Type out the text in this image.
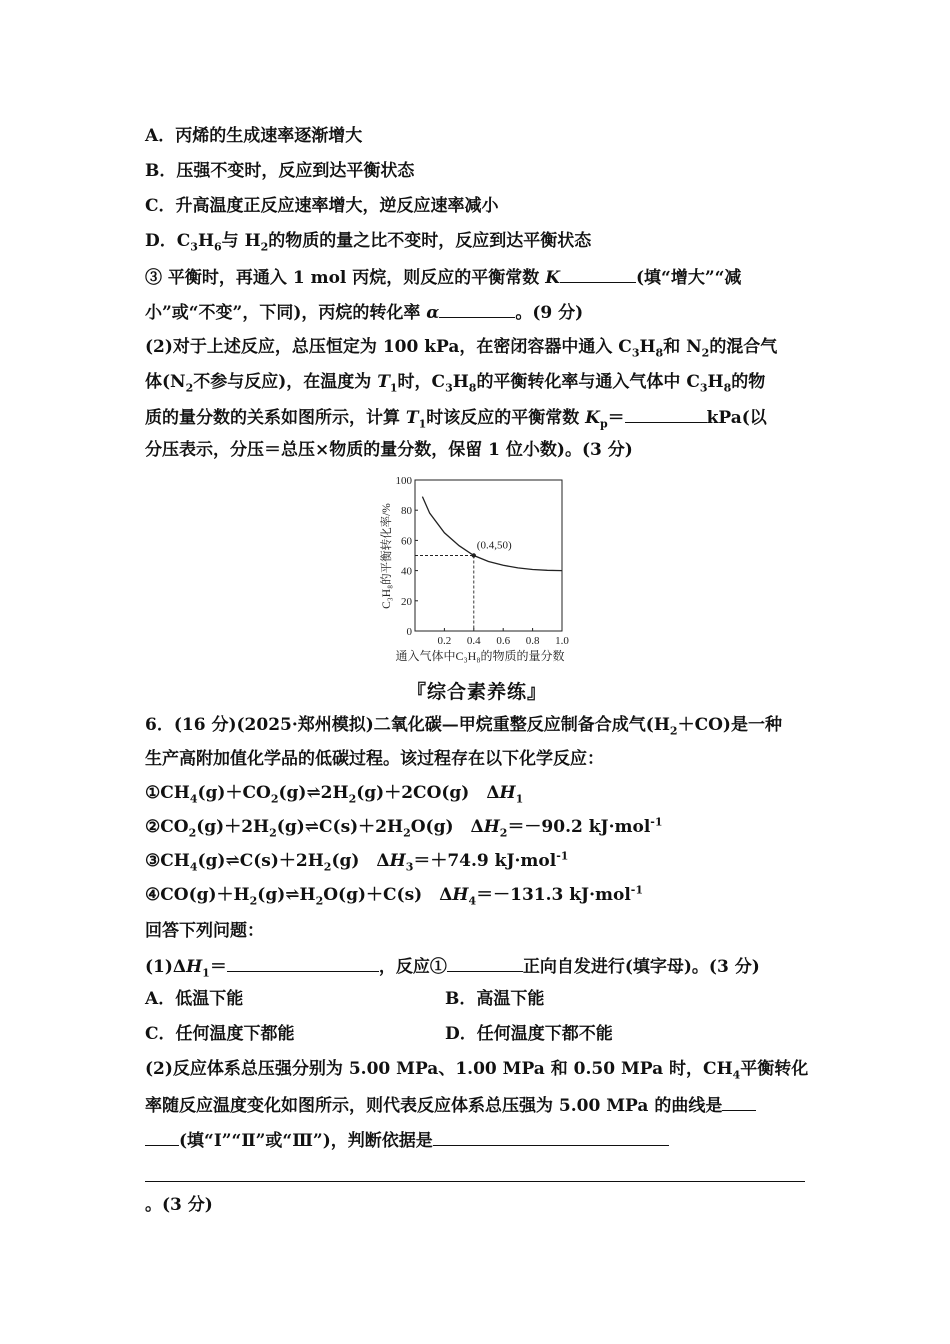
A．丙烯的生成速率逐渐增大
B．压强不变时，反应到达平衡状态
C．升高温度正反应速率增大，逆反应速率减小
D．$C_3H_6$与 $H_2$的物质的量之比不变时，反应到达平衡状态
③ 平衡时，再通入 1 mol 丙烷，则反应的平衡常数 K	(填“增大”“减
小”或“不变”，下同)，丙烷的转化率 α	。(9 分)
(2)对于上述反应，总压恒定为 100 kPa，在密闭容器中通入 $C_3H_8$和 $N_2$的混合气
体($N_2$不参与反应)，在温度为 $T_1$时，$C_3H_8$的平衡转化率与通入气体中 $C_3H_8$的物
质的量分数的关系如图所示，计算 $T_1$时该反应的平衡常数 $K_p=$	kPa(以
分压表示，分压＝总压×物质的量分数，保留 1 位小数)。(3 分)
0
20
40
60
80
100
0.2 0.4 0.6 0.8 1.0
(0.4,50)
C₃H₈的平衡转化率/%
通入气体中C₃H₈的物质的量分数
『综合素养练』
6．(16 分)(2025·郑州模拟)二氧化碳—甲烷重整反应制备合成气$(H_2+CO)$是一种
生产高附加值化学品的低碳过程。该过程存在以下化学反应：
$①CH_4(g)+CO_2(g)\rightleftharpoons 2H_2(g)+2CO(g)$　$\Delta H_1$
$②CO_2(g)+2H_2(g)\rightleftharpoons C(s)+2H_2O(g)$　$\Delta H_2=-90.2$ kJ·mol$^{-1}$
$③CH_4(g)\rightleftharpoons C(s)+2H_2(g)$　$\Delta H_3=+74.9$ kJ·mol$^{-1}$
$④CO(g)+H_2(g)\rightleftharpoons H_2O(g)+C(s)$　$\Delta H_4=-131.3$ kJ·mol$^{-1}$
回答下列问题：
$(1)\Delta H_1=$	，反应①	正向自发进行(填字母)。(3 分)
A．低温下能	B．高温下能
C．任何温度下都能	D．任何温度下都不能
(2)反应体系总压强分别为 5.00 MPa、1.00 MPa 和 0.50 MPa 时，$CH_4$平衡转化
率随反应温度变化如图所示，则代表反应体系总压强为 5.00 MPa 的曲线是
(填“Ⅰ”“Ⅱ”或“Ⅲ”)，判断依据是
。(3 分)
